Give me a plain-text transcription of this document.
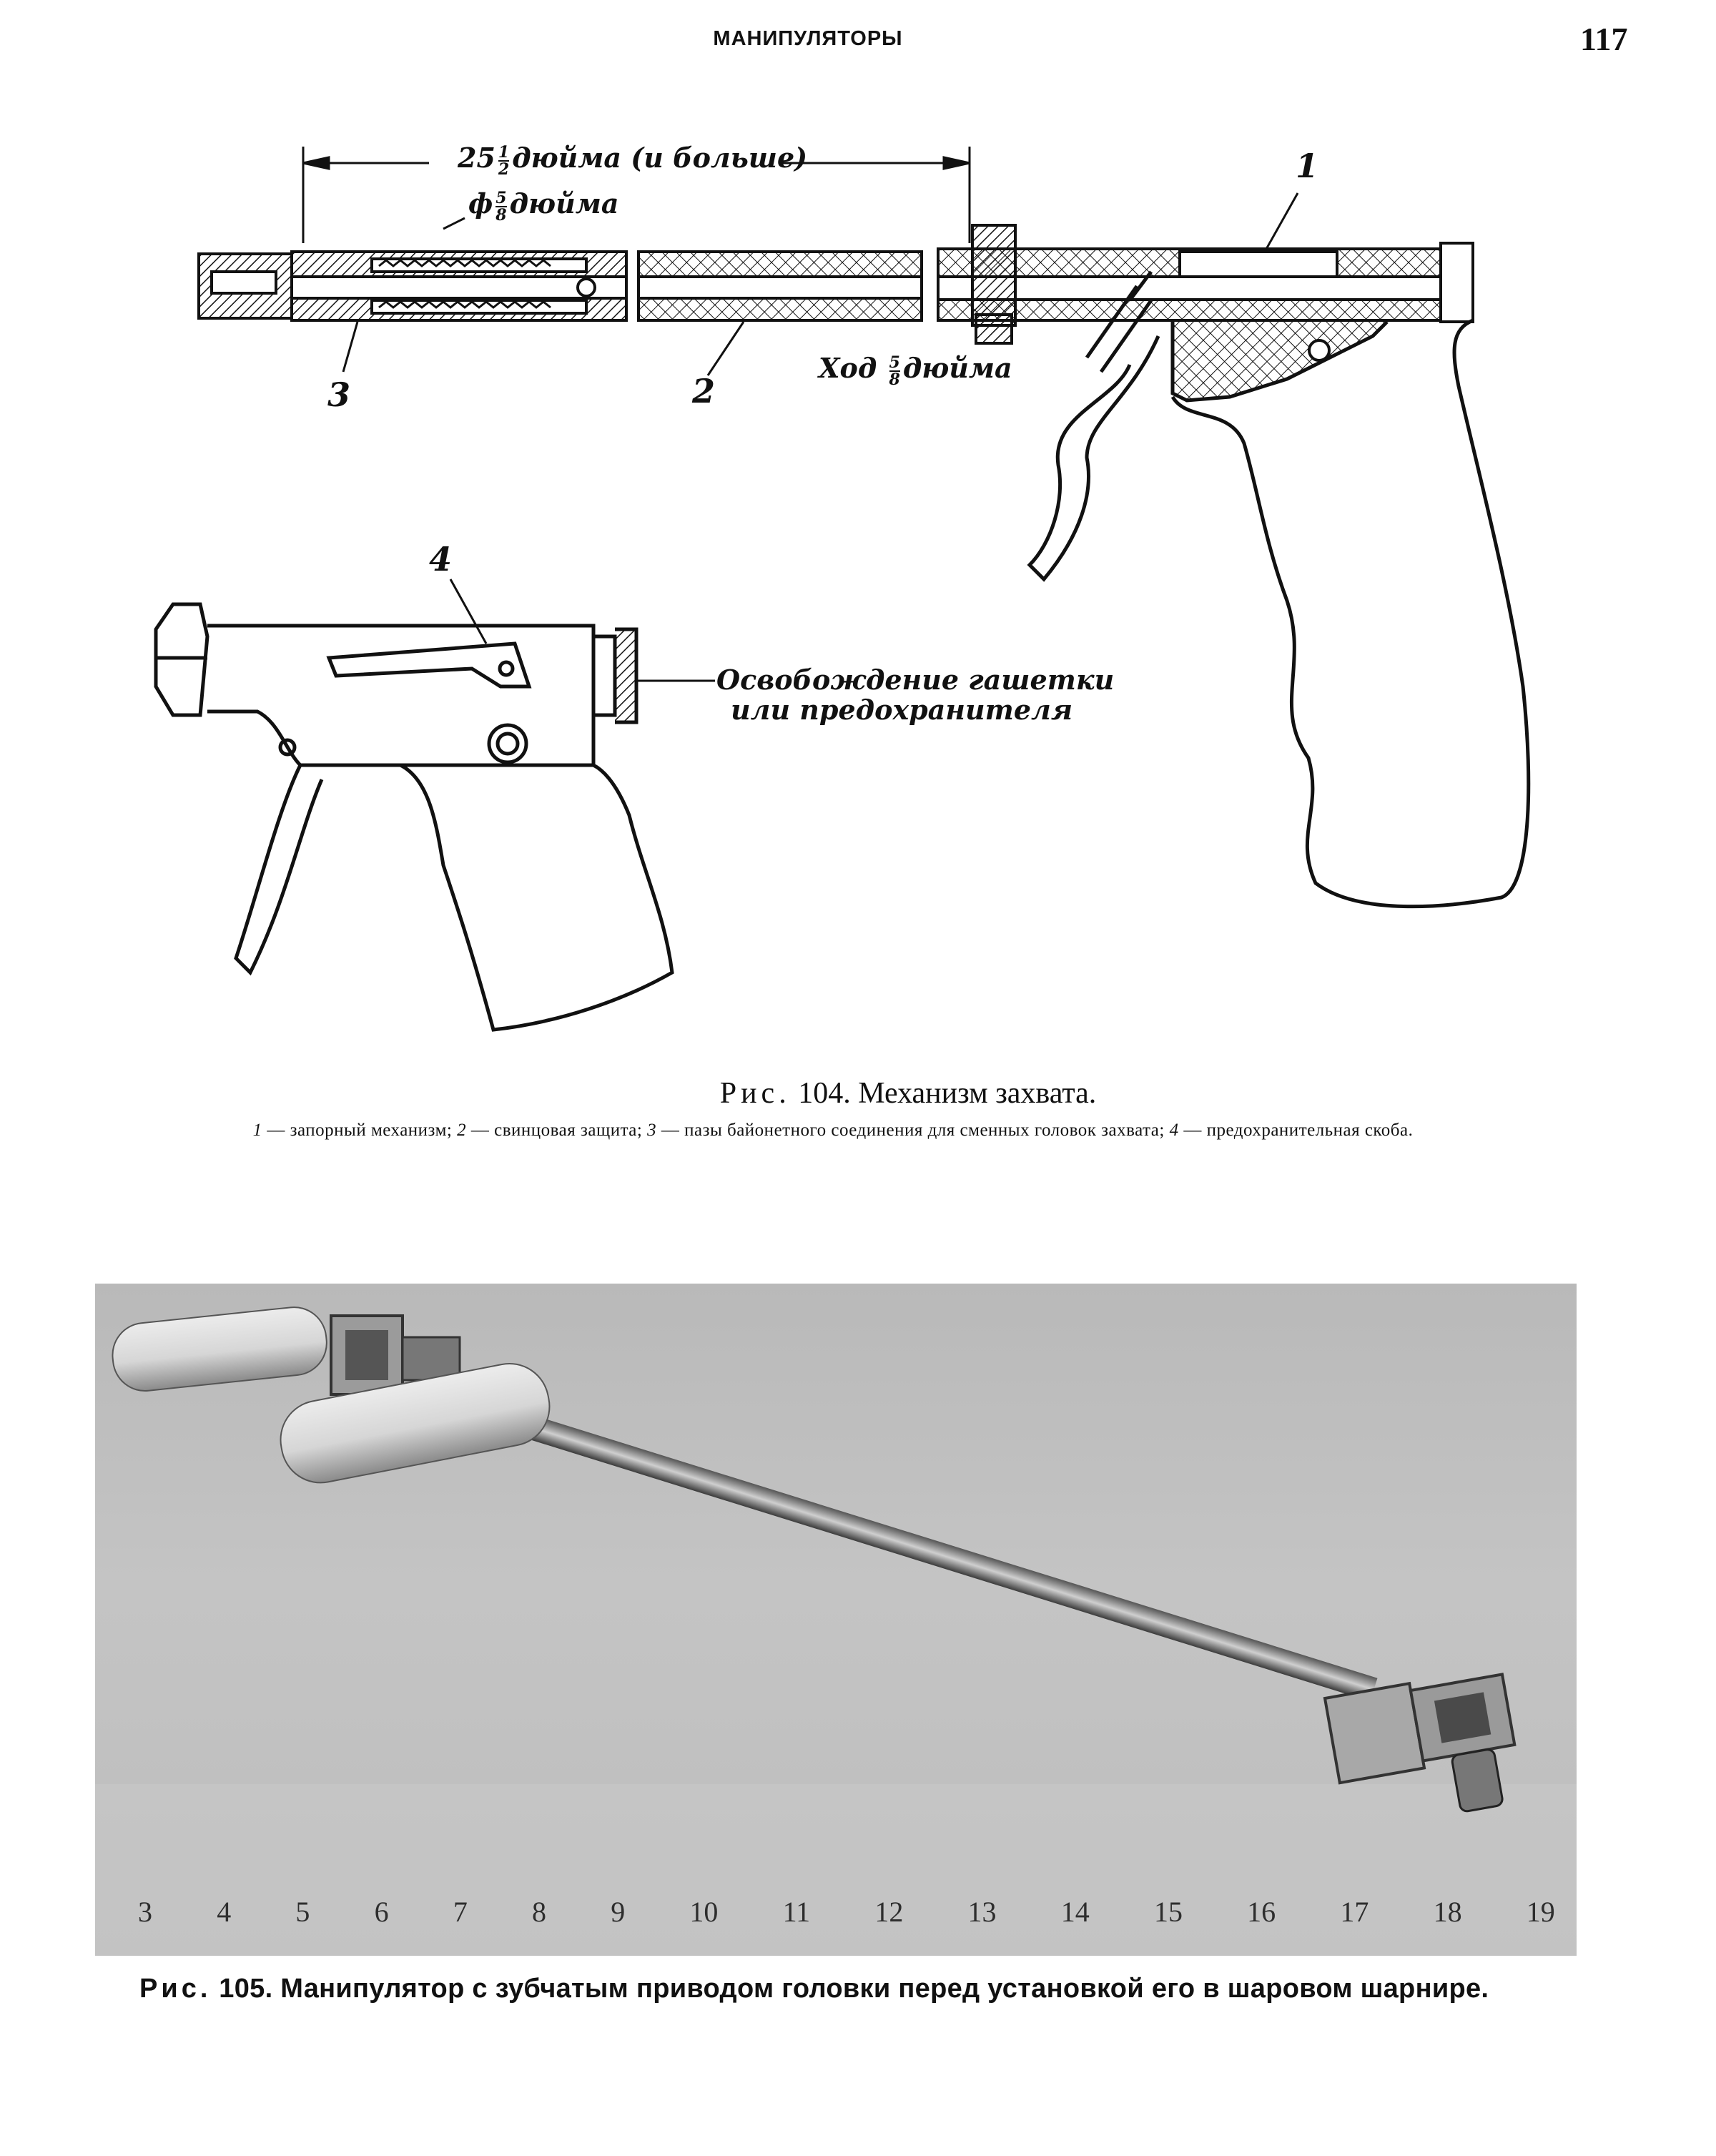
МАНИПУЛЯТОРЫ	117
$25 \frac{1}{2}$ дюйма (и больше)
ф $\frac{5}{8}$ дюйма
Ход $\frac{5}{8}$ дюйма
1
2
3
4
Освобождение гашетки
или предохранителя
Рис. 104. Механизм захвата.
1 — запорный механизм; 2 — свинцовая защита; 3 — пазы байонетного соединения для сменных головок захвата; 4 — предохранительная скоба.
3 4 5 6 7 8 9 10 11 12 13 14 15 16 17 18 19
Рис. 105. Манипулятор с зубчатым приводом головки перед установкой его в шаровом шарнире.
